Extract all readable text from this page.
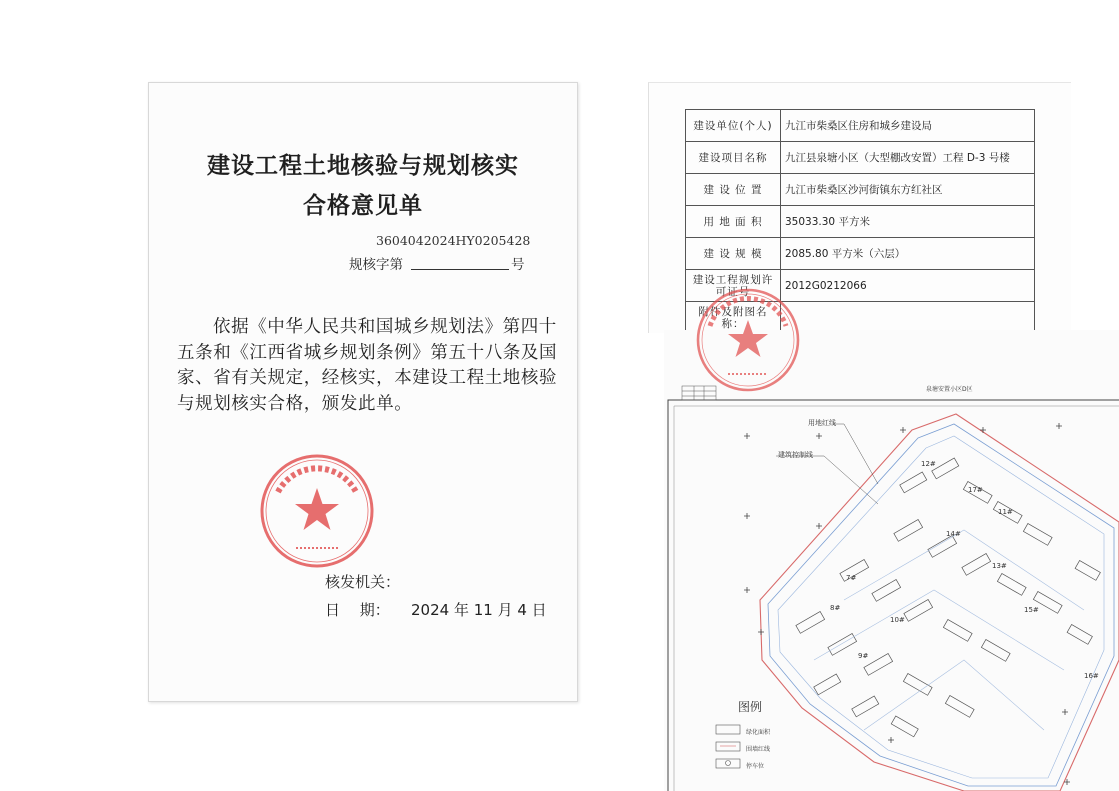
建设工程土地核验与规划核实
合格意见单
3604042024HY0205428
规核字第	号

依据《中华人民共和国城乡规划法》第四十五条和《江西省城乡规划条例》第五十八条及国家、省有关规定，经核实，本建设工程土地核验与规划核实合格，颁发此单。

核发机关：
日　 期： 2024 年 11 月 4 日
建设单位(个人)	九江市柴桑区住房和城乡建设局
建设项目名称	九江县泉塘小区（大型棚改安置）工程 D-3 号楼
建 设 位 置	九江市柴桑区沙河街镇东方红社区
用 地 面 积	35033.30 平方米
建 设 规 模	2085.80 平方米（六层）
建设工程规划许可证号	2012G0212066
附件及附图名称：	
泉塘安置小区D区
用地红线
建筑控制线
12#
17#
11#
14#
13#
15#
10#
9#
8#
7#
16#
图例
绿化面积
围墙红线
停车位
